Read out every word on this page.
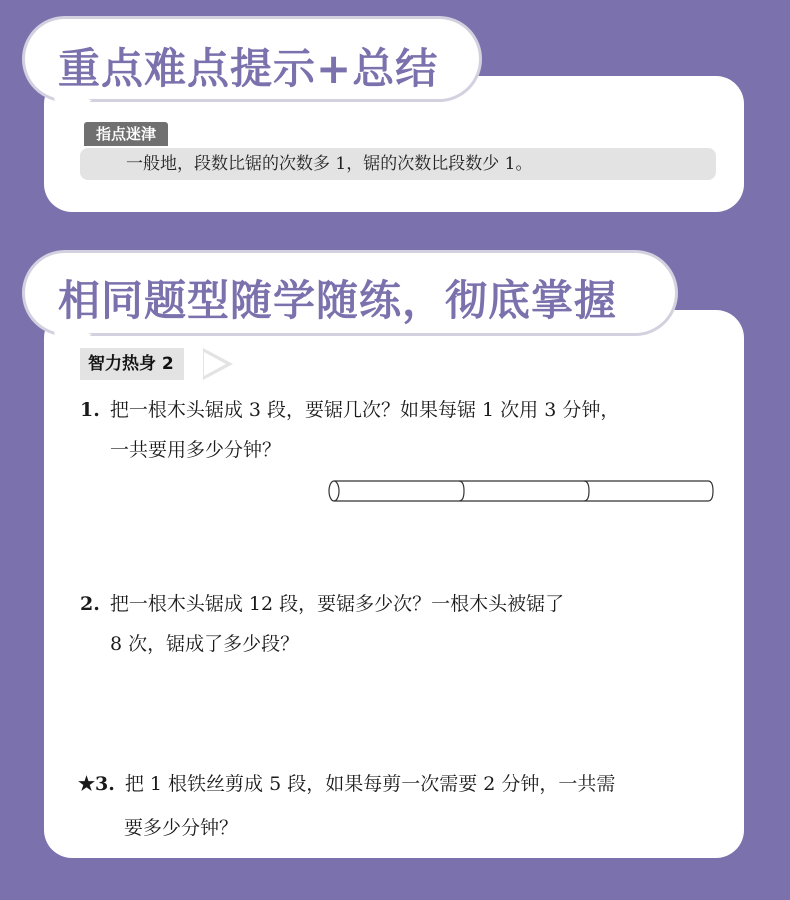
重点难点提示+总结
指点迷津
一般地，段数比锯的次数多 1，锯的次数比段数少 1。
相同题型随学随练，彻底掌握
智力热身 2
1. 把一根木头锯成 3 段，要锯几次？如果每锯 1 次用 3 分钟，
一共要用多少分钟？
2. 把一根木头锯成 12 段，要锯多少次？一根木头被锯了
8 次，锯成了多少段？
★3. 把 1 根铁丝剪成 5 段，如果每剪一次需要 2 分钟，一共需
要多少分钟？
